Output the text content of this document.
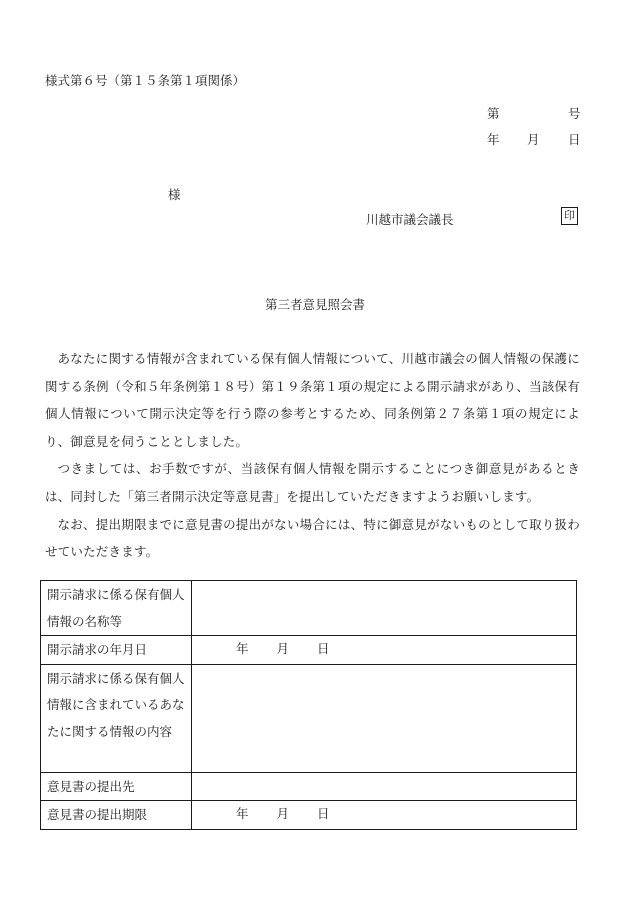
様式第６号（第１５条第１項関係）
第	号
年 月 日
様
川越市議会議長	印
第三者意見照会書

あなたに関する情報が含まれている保有個人情報について、川越市議会の個人情報の保護に関する条例（令和５年条例第１８号）第１９条第１項の規定による開示請求があり、当該保有個人情報について開示決定等を行う際の参考とするため、同条例第２７条第１項の規定により、御意見を伺うこととしました。

つきましては、お手数ですが、当該保有個人情報を開示することにつき御意見があるときは、同封した「第三者開示決定等意見書」を提出していただきますようお願いします。

なお、提出期限までに意見書の提出がない場合には、特に御意見がないものとして取り扱わせていただきます。

開示請求に係る保有個人情報の名称等	
開示請求の年月日	年 月 日
開示請求に係る保有個人情報に含まれているあなたに関する情報の内容	
意見書の提出先	
意見書の提出期限	年 月 日
